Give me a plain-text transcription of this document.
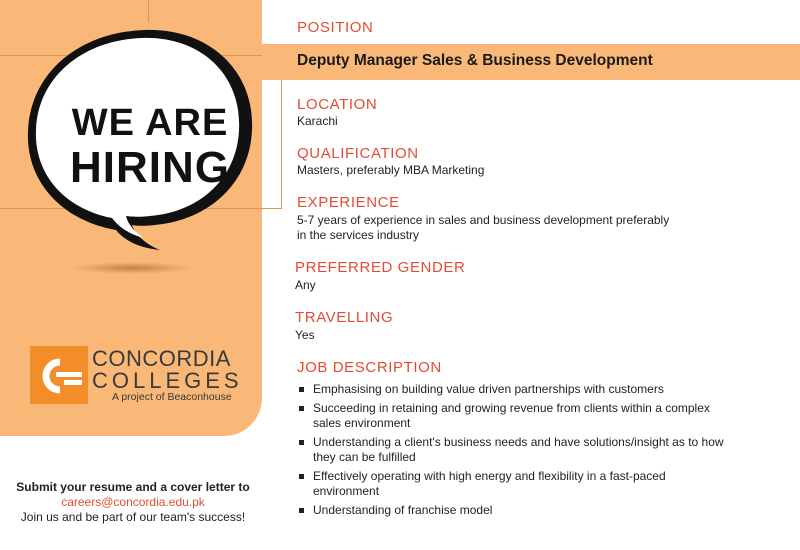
WE ARE
HIRING
CONCORDIA
COLLEGES
A project of Beaconhouse
Submit your resume and a cover letter to
careers@concordia.edu.pk
Join us and be part of our team's success!
POSITION
Deputy Manager Sales & Business Development
LOCATION
Karachi
QUALIFICATION
Masters, preferably MBA Marketing
EXPERIENCE
5-7 years of experience in sales and business development preferably
in the services industry
PREFERRED GENDER
Any
TRAVELLING
Yes
JOB DESCRIPTION
Emphasising on building value driven partnerships with customers
Succeeding in retaining and growing revenue from clients within a complex sales environment
Understanding a client's business needs and have solutions/insight as to how they can be fulfilled
Effectively operating with high energy and flexibility in a fast-paced environment
Understanding of franchise model
